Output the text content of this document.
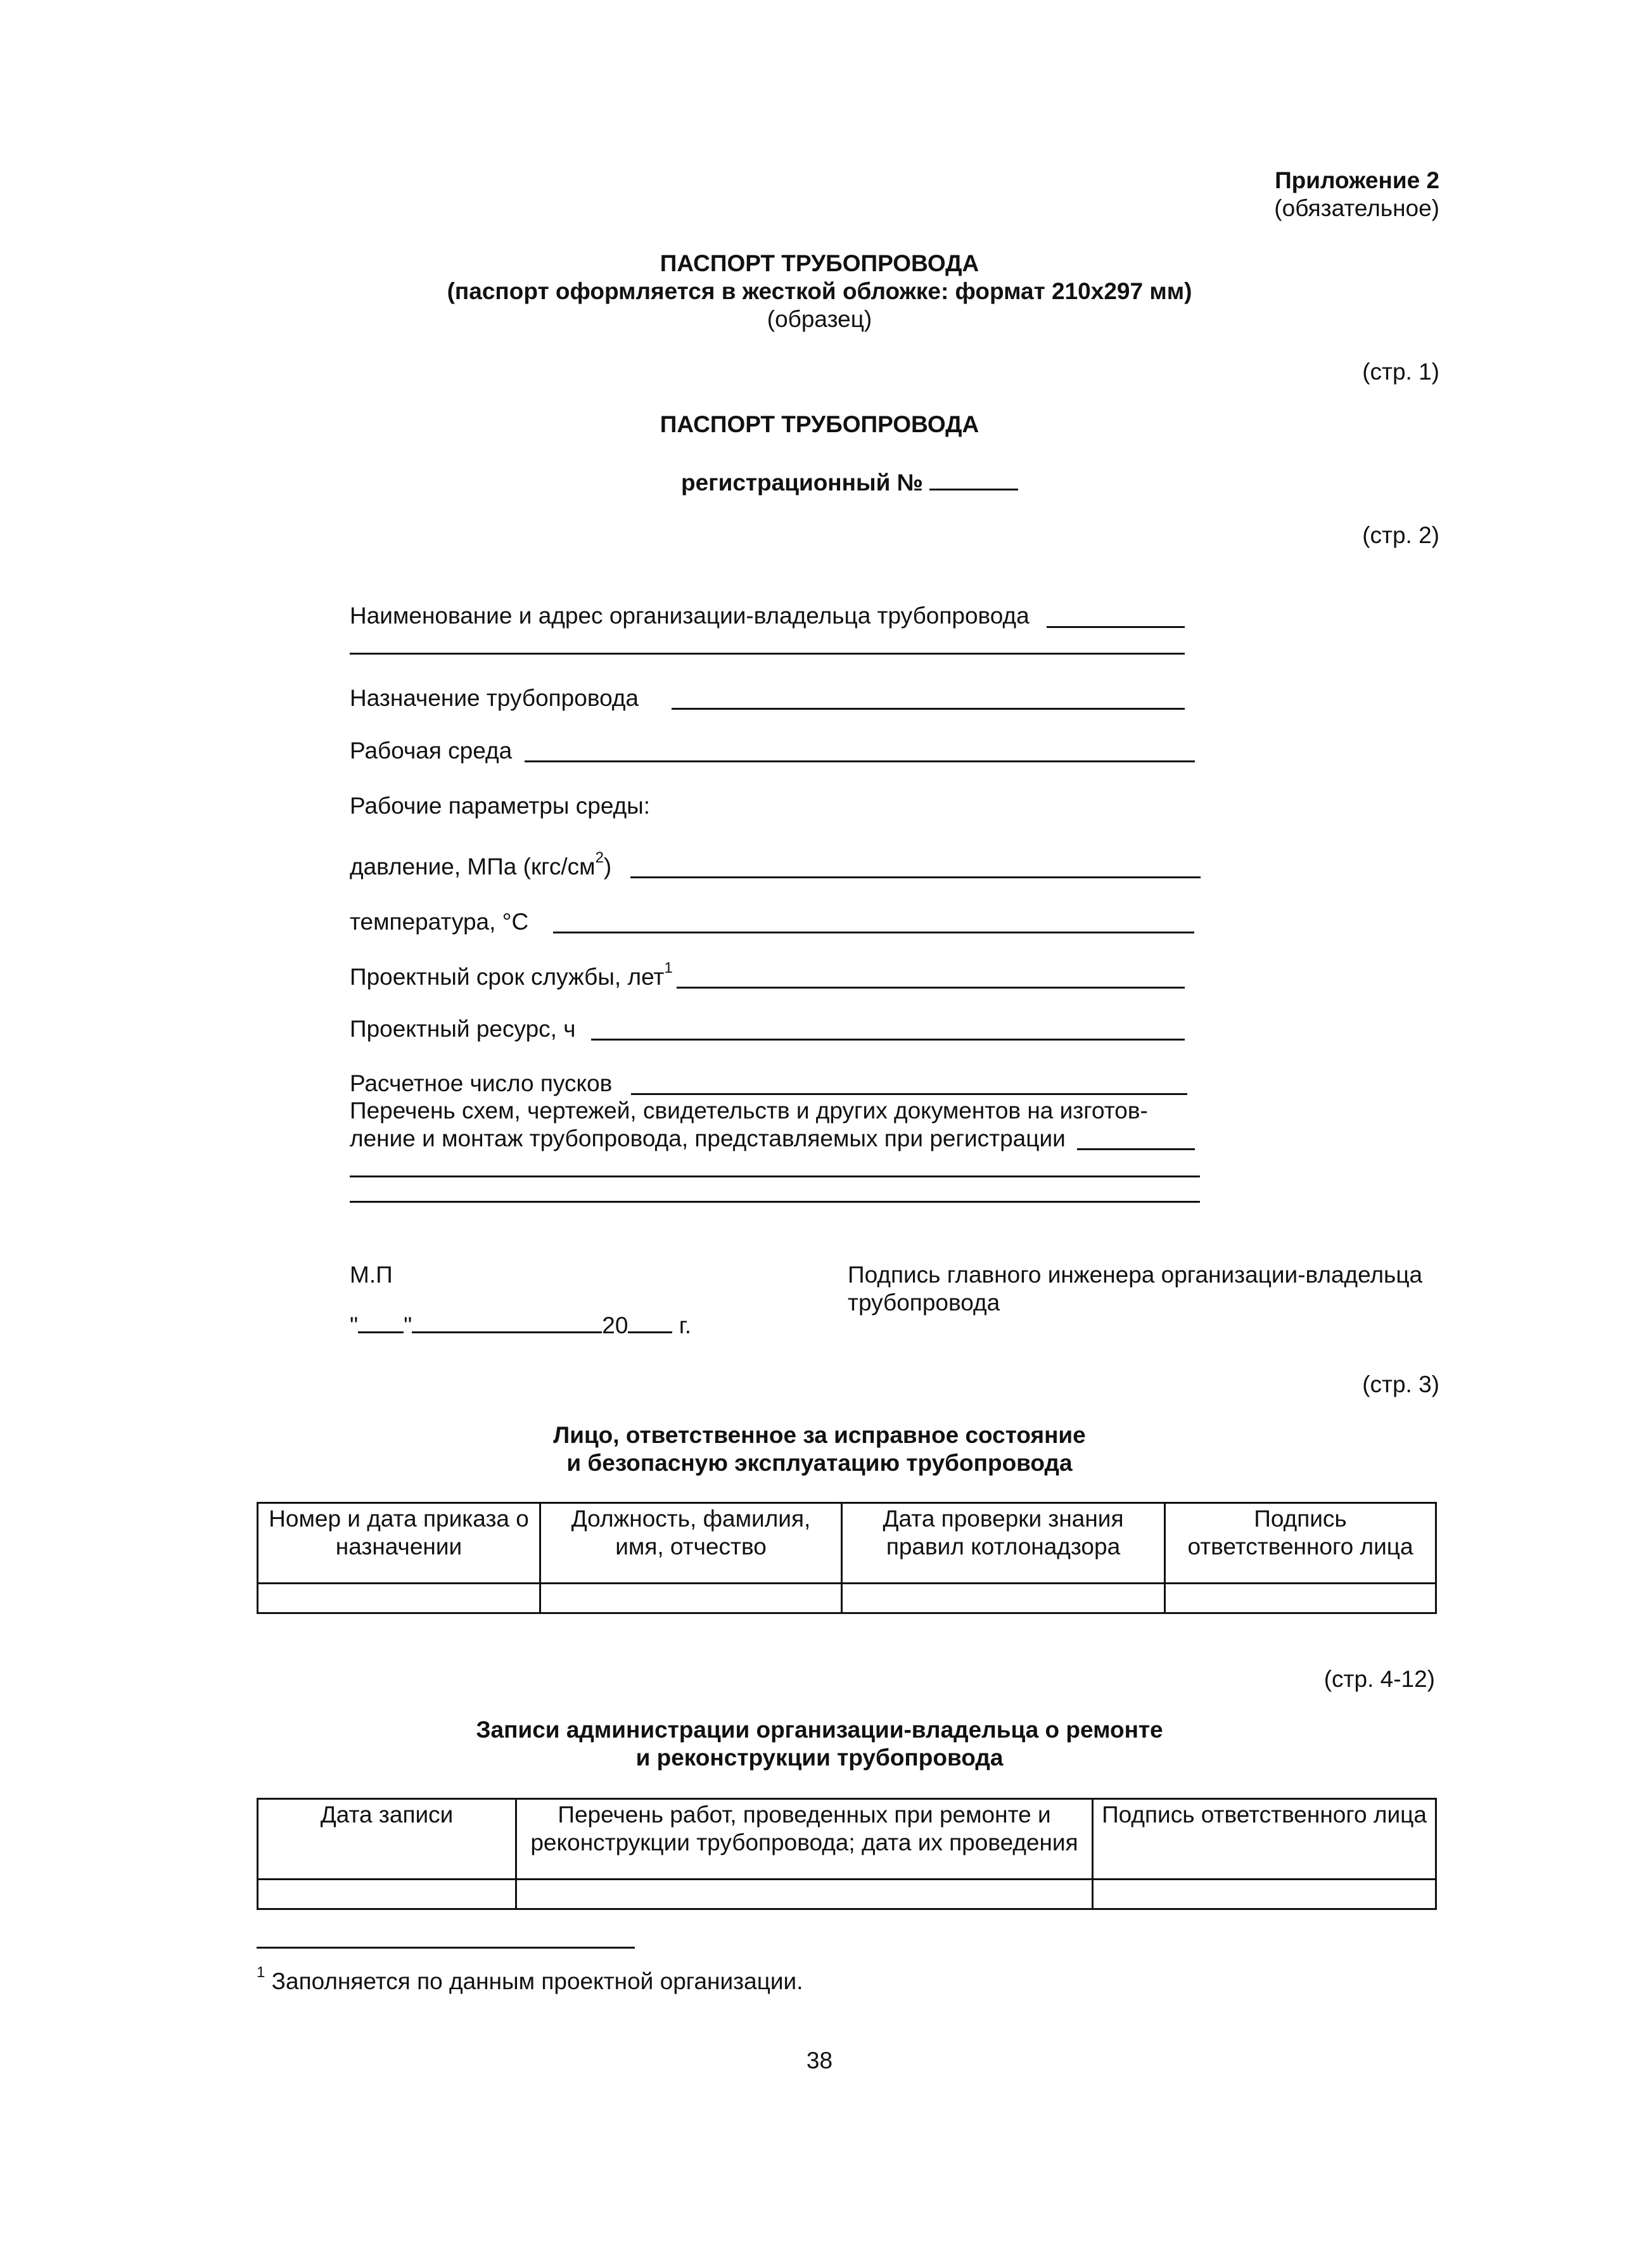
Приложение 2
(обязательное)
ПАСПОРТ ТРУБОПРОВОДА
(паспорт оформляется в жесткой обложке: формат 210x297 мм)
(образец)
(стр. 1)
ПАСПОРТ ТРУБОПРОВОДА
регистрационный №
(стр. 2)
Наименование и адрес организации-владельца трубопровода
Назначение трубопровода
Рабочая среда
Рабочие параметры среды:
давление, МПа $(кгс/см^2)$
температура, °С
Проектный срок службы, лет$^1$
Проектный ресурс, ч
Расчетное число пусков
Перечень схем, чертежей, свидетельств и других документов на изготов-
ление и монтаж трубопровода, представляемых при регистрации
М.П
" "	20 г.
Подпись главного инженера организации-владельца
трубопровода
(стр. 3)
Лицо, ответственное за исправное состояние
и безопасную эксплуатацию трубопровода
Номер и дата приказа о назначении	Должность, фамилия, имя, отчество	Дата проверки знания правил котлонадзора	Подпись ответственного лица

(стр. 4-12)
Записи администрации организации-владельца о ремонте
и реконструкции трубопровода
Дата записи	Перечень работ, проведенных при ремонте и реконструкции трубопровода; дата их проведения	Подпись ответственного лица

$^1$ Заполняется по данным проектной организации.
38
